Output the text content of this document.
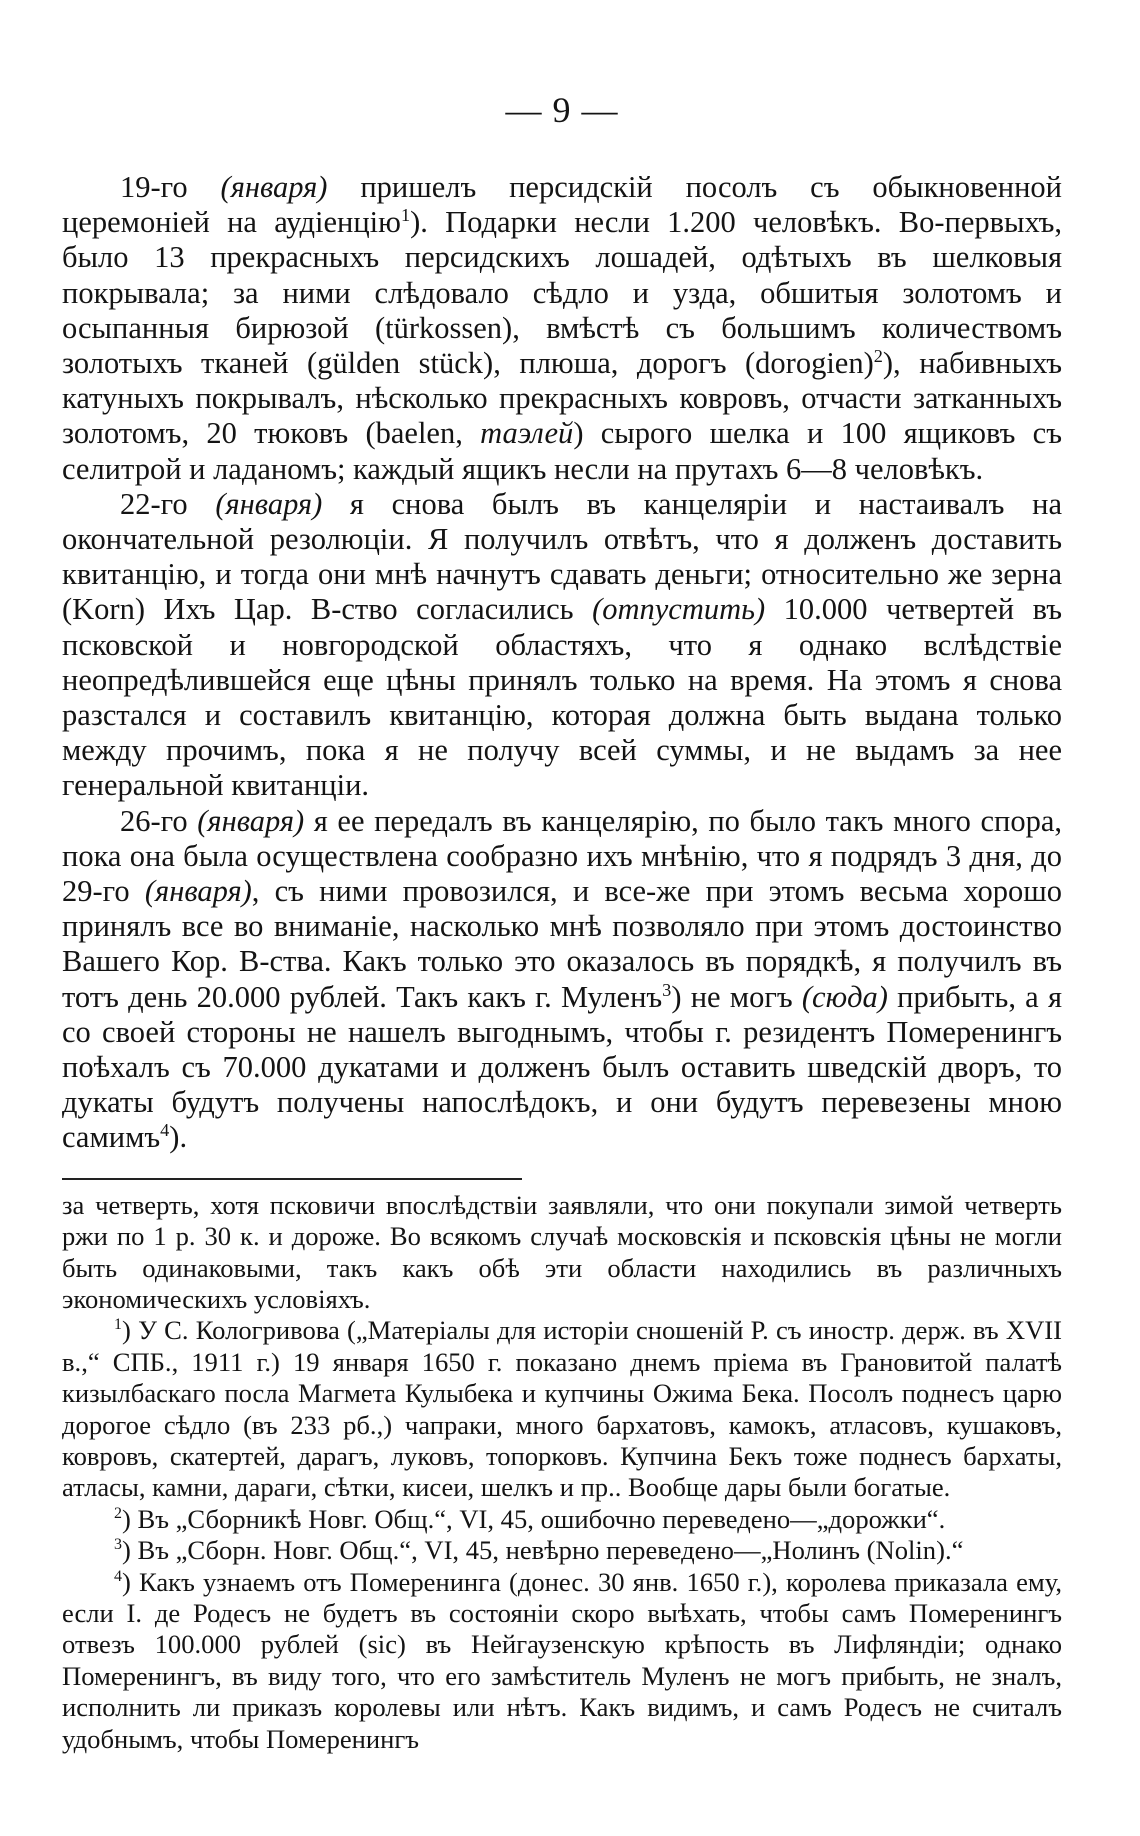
— 9 —

19-го (января) пришелъ персидскій посолъ съ обыкновенной церемоніей на аудіенцію$^1$). Подарки несли 1.200 человѣкъ. Во-первыхъ, было 13 прекрасныхъ персидскихъ лошадей, одѣтыхъ въ шелковыя покрывала; за ними слѣдовало сѣдло и узда, обшитыя золотомъ и осыпанныя бирюзой (türkossen), вмѣстѣ съ большимъ количествомъ золотыхъ тканей (gülden stück), плюша, дорогъ (dorogien)$^2$), набивныхъ катуныхъ покрывалъ, нѣсколько прекрасныхъ ковровъ, отчасти затканныхъ золотомъ, 20 тюковъ (baelen, таэлей) сырого шелка и 100 ящиковъ съ селитрой и ладаномъ; каждый ящикъ несли на прутахъ 6—8 человѣкъ.

22-го (января) я снова былъ въ канцеляріи и настаивалъ на окончательной резолюціи. Я получилъ отвѣтъ, что я долженъ доставить квитанцію, и тогда они мнѣ начнутъ сдавать деньги; относительно же зерна (Korn) Ихъ Цар. В-ство согласились (отпустить) 10.000 четвертей въ псковской и новгородской областяхъ, что я однако вслѣдствіе неопредѣлившейся еще цѣны принялъ только на время. На этомъ я снова разстался и составилъ квитанцію, которая должна быть выдана только между прочимъ, пока я не получу всей суммы, и не выдамъ за нее генеральной квитанціи.

26-го (января) я ее передалъ въ канцелярію, по было такъ много спора, пока она была осуществлена сообразно ихъ мнѣнію, что я подрядъ 3 дня, до 29-го (января), съ ними провозился, и все-же при этомъ весьма хорошо принялъ все во вниманіе, насколько мнѣ позволяло при этомъ достоинство Вашего Кор. В-ства. Какъ только это оказалось въ порядкѣ, я получилъ въ тотъ день 20.000 рублей. Такъ какъ г. Муленъ$^3$) не могъ (сюда) прибыть, а я со своей стороны не нашелъ выгоднымъ, чтобы г. резидентъ Померенингъ поѣхалъ съ 70.000 дукатами и долженъ былъ оставить шведскій дворъ, то дукаты будутъ получены напослѣдокъ, и они будутъ перевезены мною самимъ$^4$).

за четверть, хотя псковичи впослѣдствіи заявляли, что они покупали зимой четверть ржи по 1 р. 30 к. и дороже. Во всякомъ случаѣ московскія и псковскія цѣны не могли быть одинаковыми, такъ какъ обѣ эти области находились въ различныхъ экономическихъ условіяхъ.

$^1$) У С. Кологривова („Матеріалы для исторіи сношеній Р. съ иностр. держ. въ XVII в.,“ СПБ., 1911 г.) 19 января 1650 г. показано днемъ пріема въ Грановитой палатѣ кизылбаскаго посла Магмета Кулыбека и купчины Ожима Бека. Посолъ поднесъ царю дорогое сѣдло (въ 233 рб.,) чапраки, много бархатовъ, камокъ, атласовъ, кушаковъ, ковровъ, скатертей, дарагъ, луковъ, топорковъ. Купчина Бекъ тоже поднесъ бархаты, атласы, камни, дараги, сѣтки, кисеи, шелкъ и пр.. Вообще дары были богатые.

$^2$) Въ „Сборникѣ Новг. Общ.“, VI, 45, ошибочно переведено—„дорожки“.

$^3$) Въ „Сборн. Новг. Общ.“, VI, 45, невѣрно переведено—„Нолинъ (Nolin).“

$^4$) Какъ узнаемъ отъ Померенинга (донес. 30 янв. 1650 г.), королева приказала ему, если І. де Родесъ не будетъ въ состояніи скоро выѣхать, чтобы самъ Померенингъ отвезъ 100.000 рублей (sic) въ Нейгаузенскую крѣпость въ Лифляндіи; однако Померенингъ, въ виду того, что его замѣститель Муленъ не могъ прибыть, не зналъ, исполнить ли приказъ королевы или нѣтъ. Какъ видимъ, и самъ Родесъ не считалъ удобнымъ, чтобы Померенингъ
